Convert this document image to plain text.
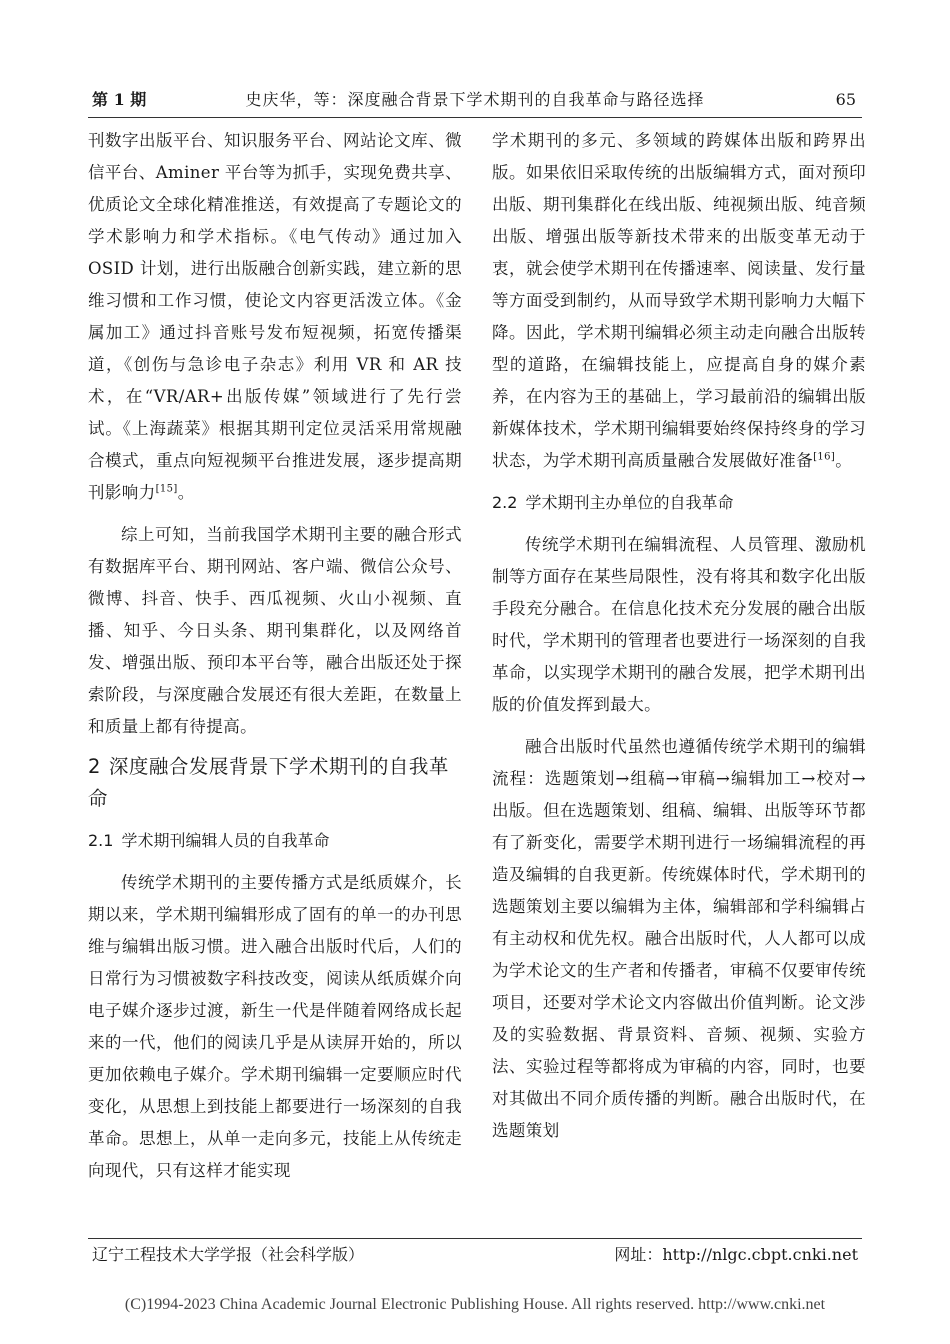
第 1 期	史庆华，等：深度融合背景下学术期刊的自我革命与路径选择	65

刊数字出版平台、知识服务平台、网站论文库、微信平台、Aminer 平台等为抓手，实现免费共享、优质论文全球化精准推送，有效提高了专题论文的学术影响力和学术指标。《电气传动》通过加入 OSID 计划，进行出版融合创新实践，建立新的思维习惯和工作习惯，使论文内容更活泼立体。《金属加工》通过抖音账号发布短视频，拓宽传播渠道，《创伤与急诊电子杂志》利用 VR 和 AR 技术，在“VR/AR+出版传媒”领域进行了先行尝试。《上海蔬菜》根据其期刊定位灵活采用常规融合模式，重点向短视频平台推进发展，逐步提高期刊影响力[15]。

综上可知，当前我国学术期刊主要的融合形式有数据库平台、期刊网站、客户端、微信公众号、微博、抖音、快手、西瓜视频、火山小视频、直播、知乎、今日头条、期刊集群化，以及网络首发、增强出版、预印本平台等，融合出版还处于探索阶段，与深度融合发展还有很大差距，在数量上和质量上都有待提高。

2 深度融合发展背景下学术期刊的自我革命
2.1 学术期刊编辑人员的自我革命

传统学术期刊的主要传播方式是纸质媒介，长期以来，学术期刊编辑形成了固有的单一的办刊思维与编辑出版习惯。进入融合出版时代后，人们的日常行为习惯被数字科技改变，阅读从纸质媒介向电子媒介逐步过渡，新生一代是伴随着网络成长起来的一代，他们的阅读几乎是从读屏开始的，所以更加依赖电子媒介。学术期刊编辑一定要顺应时代变化，从思想上到技能上都要进行一场深刻的自我革命。思想上，从单一走向多元，技能上从传统走向现代，只有这样才能实现

学术期刊的多元、多领域的跨媒体出版和跨界出版。如果依旧采取传统的出版编辑方式，面对预印出版、期刊集群化在线出版、纯视频出版、纯音频出版、增强出版等新技术带来的出版变革无动于衷，就会使学术期刊在传播速率、阅读量、发行量等方面受到制约，从而导致学术期刊影响力大幅下降。因此，学术期刊编辑必须主动走向融合出版转型的道路，在编辑技能上，应提高自身的媒介素养，在内容为王的基础上，学习最前沿的编辑出版新媒体技术，学术期刊编辑要始终保持终身的学习状态，为学术期刊高质量融合发展做好准备[16]。

2.2 学术期刊主办单位的自我革命

传统学术期刊在编辑流程、人员管理、激励机制等方面存在某些局限性，没有将其和数字化出版手段充分融合。在信息化技术充分发展的融合出版时代，学术期刊的管理者也要进行一场深刻的自我革命，以实现学术期刊的融合发展，把学术期刊出版的价值发挥到最大。

融合出版时代虽然也遵循传统学术期刊的编辑流程：选题策划→组稿→审稿→编辑加工→校对→出版。但在选题策划、组稿、编辑、出版等环节都有了新变化，需要学术期刊进行一场编辑流程的再造及编辑的自我更新。传统媒体时代，学术期刊的选题策划主要以编辑为主体，编辑部和学科编辑占有主动权和优先权。融合出版时代，人人都可以成为学术论文的生产者和传播者，审稿不仅要审传统项目，还要对学术论文内容做出价值判断。论文涉及的实验数据、背景资料、音频、视频、实验方法、实验过程等都将成为审稿的内容，同时，也要对其做出不同介质传播的判断。融合出版时代，在选题策划

辽宁工程技术大学学报（社会科学版）	网址：http://nlgc.cbpt.cnki.net
(C)1994-2023 China Academic Journal Electronic Publishing House. All rights reserved. http://www.cnki.net
